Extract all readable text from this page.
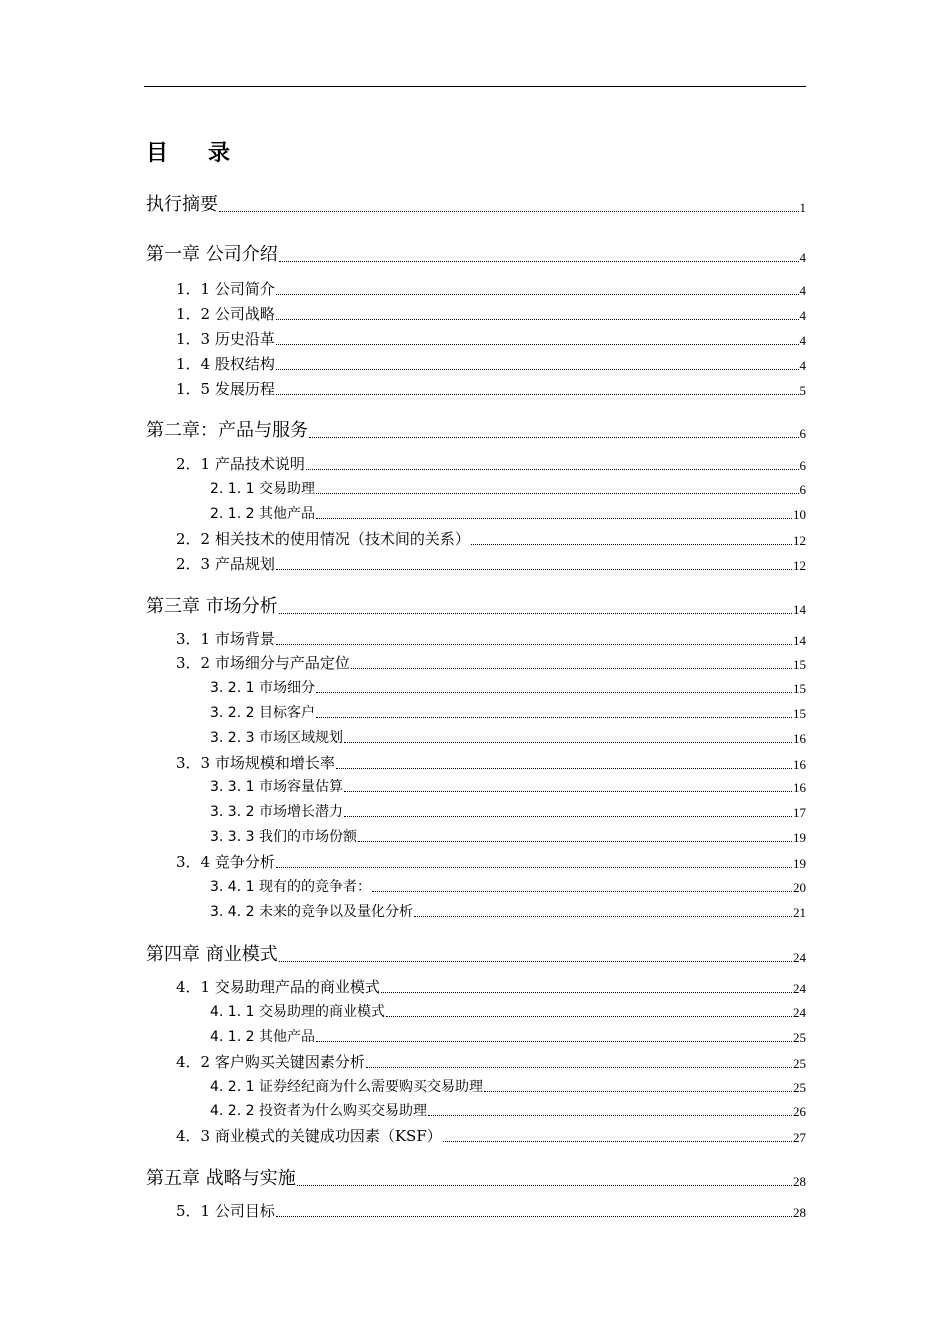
目录
执行摘要	1
第一章 公司介绍	4
1．1 公司简介	4
1．2 公司战略	4
1．3 历史沿革	4
1．4 股权结构	4
1．5 发展历程	5
第二章：产品与服务	6
2．1 产品技术说明	6
2. 1. 1 交易助理	6
2. 1. 2 其他产品	10
2．2 相关技术的使用情况（技术间的关系）	12
2．3 产品规划	12
第三章 市场分析	14
3．1 市场背景	14
3．2 市场细分与产品定位	15
3. 2. 1 市场细分	15
3. 2. 2 目标客户	15
3. 2. 3 市场区域规划	16
3．3 市场规模和增长率	16
3. 3. 1 市场容量估算	16
3. 3. 2 市场增长潜力	17
3. 3. 3 我们的市场份额	19
3．4 竞争分析	19
3. 4. 1 现有的的竞争者：	20
3. 4. 2 未来的竞争以及量化分析	21
第四章 商业模式	24
4．1 交易助理产品的商业模式	24
4. 1. 1 交易助理的商业模式	24
4. 1. 2 其他产品	25
4．2 客户购买关键因素分析	25
4. 2. 1 证券经纪商为什么需要购买交易助理	25
4. 2. 2 投资者为什么购买交易助理	26
4．3 商业模式的关键成功因素（KSF）	27
第五章 战略与实施	28
5．1 公司目标	28
